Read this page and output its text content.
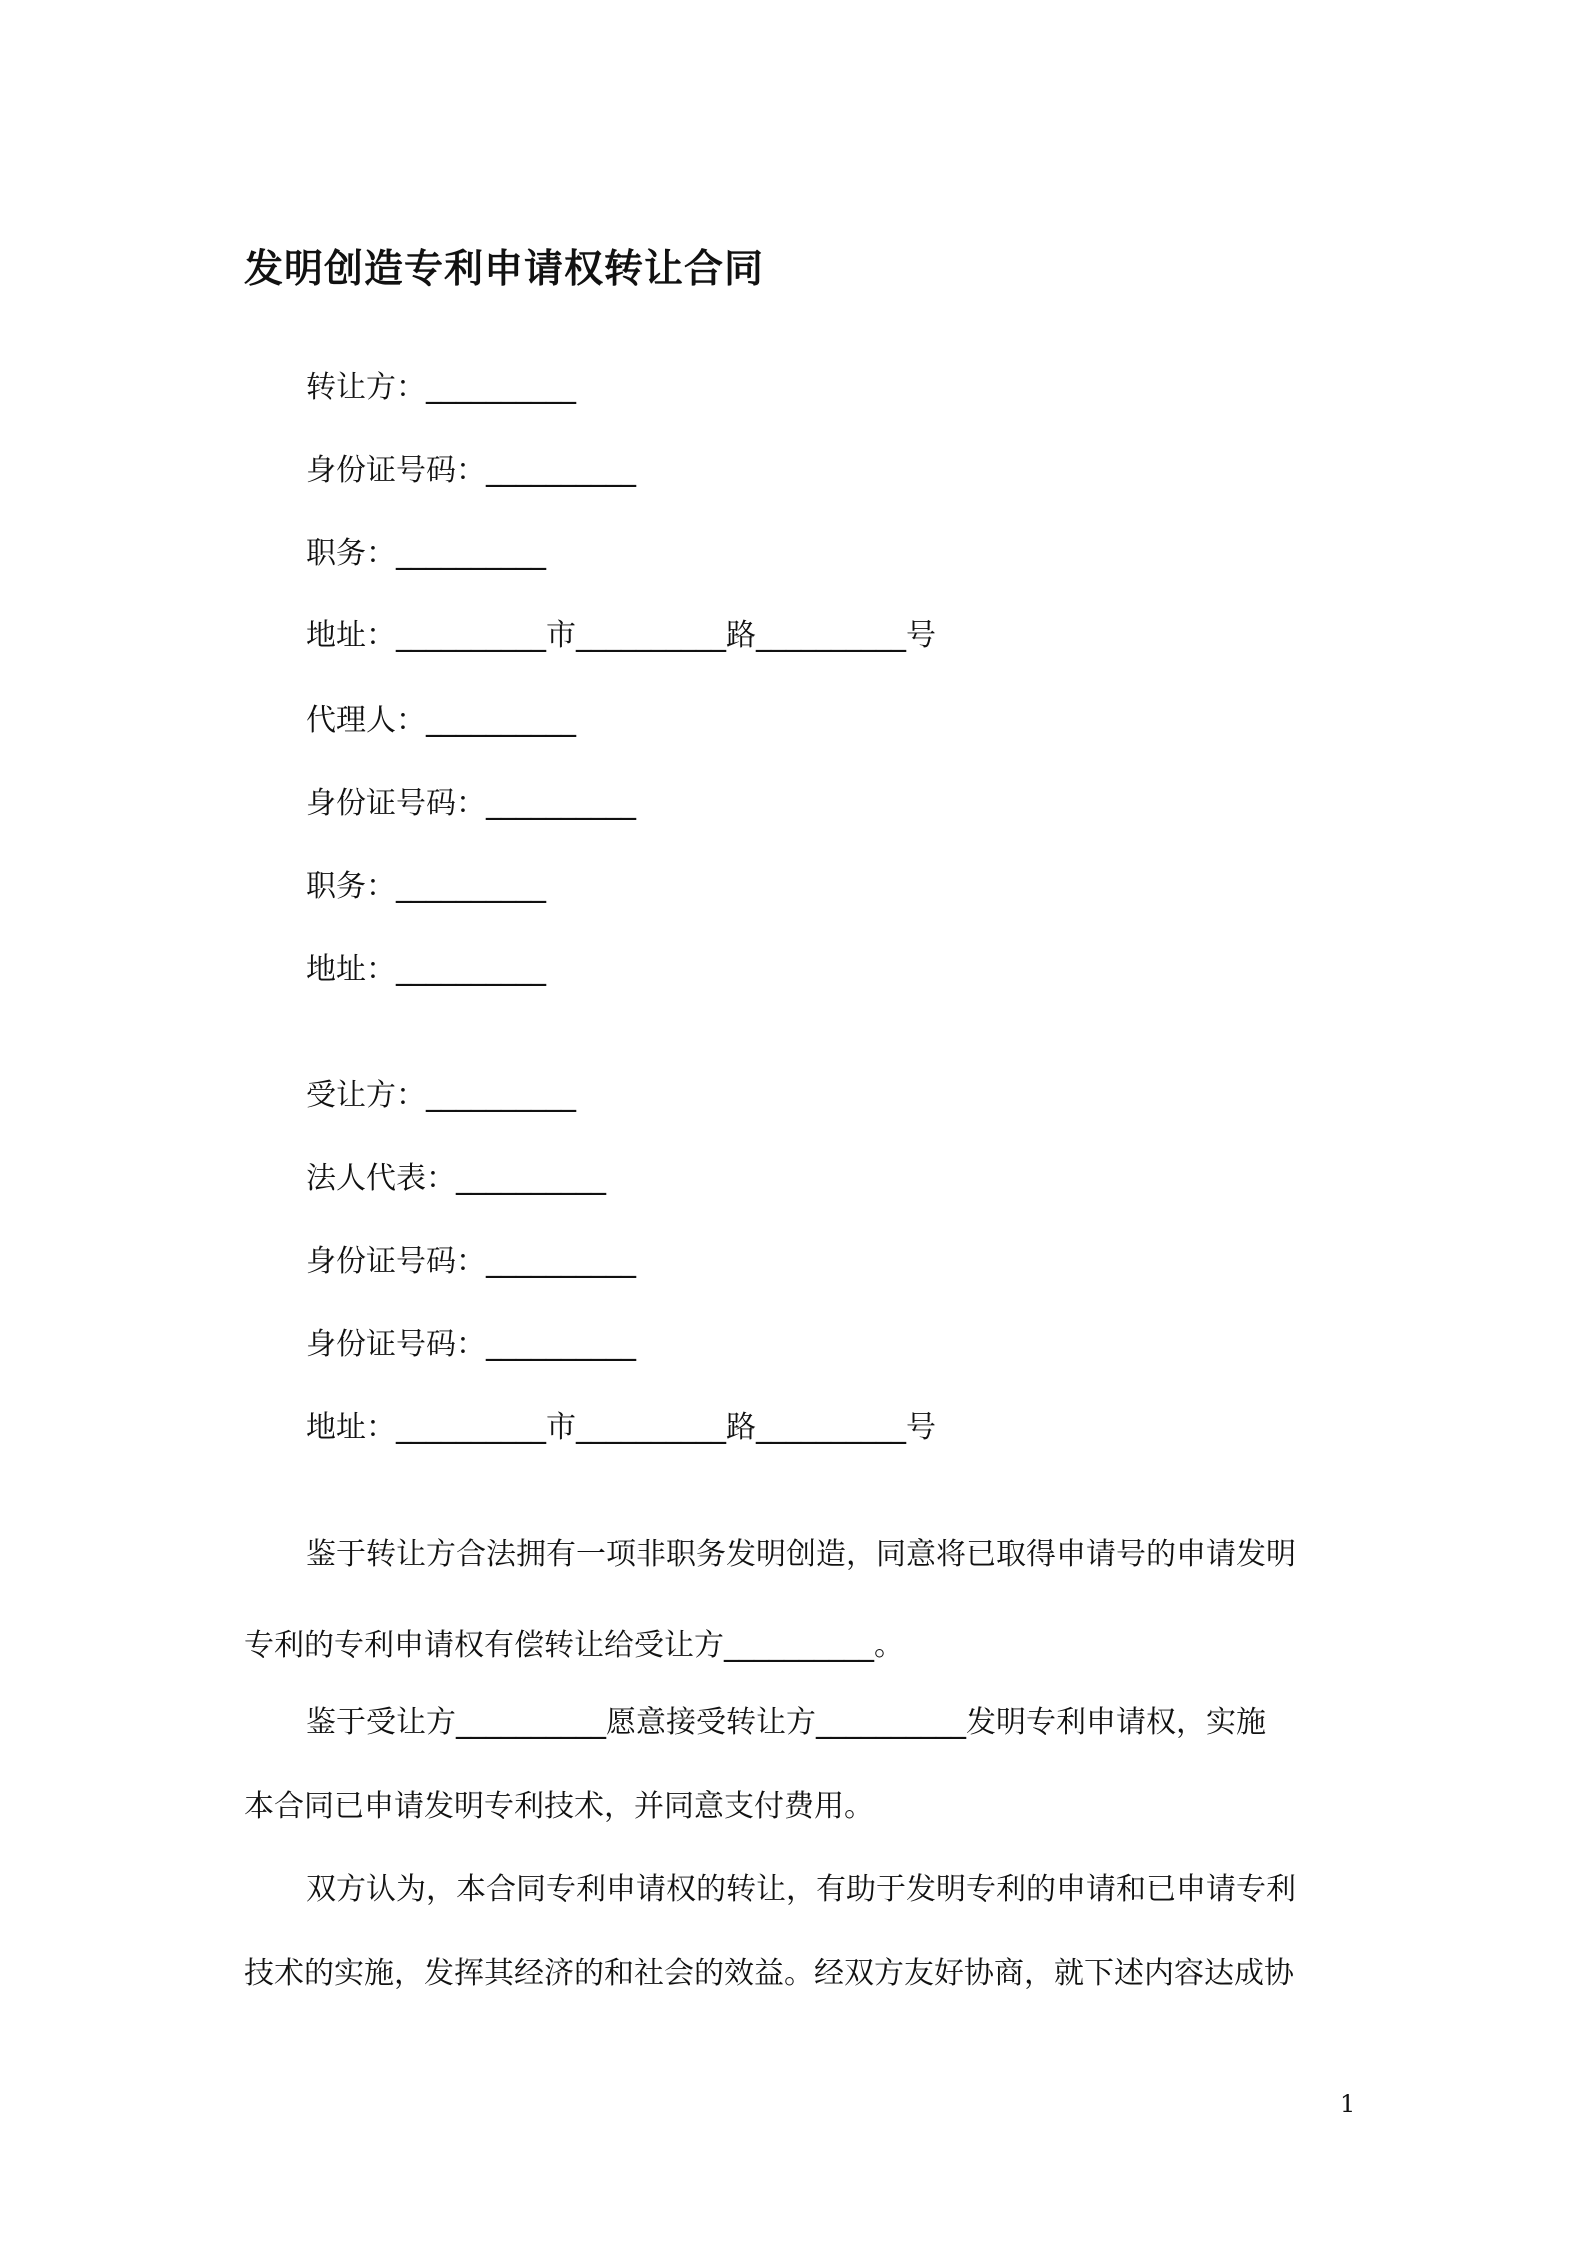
发明创造专利申请权转让合同
转让方：__________
身份证号码：__________
职务：__________
地址：__________市__________路__________号
代理人：__________
身份证号码：__________
职务：__________
地址：__________
受让方：__________
法人代表：__________
身份证号码：__________
身份证号码：__________
地址：__________市__________路__________号
鉴于转让方合法拥有一项非职务发明创造，同意将已取得申请号的申请发明
专利的专利申请权有偿转让给受让方__________。
鉴于受让方__________愿意接受转让方__________发明专利申请权，实施
本合同已申请发明专利技术，并同意支付费用。
双方认为，本合同专利申请权的转让，有助于发明专利的申请和已申请专利
技术的实施，发挥其经济的和社会的效益。经双方友好协商，就下述内容达成协
1
